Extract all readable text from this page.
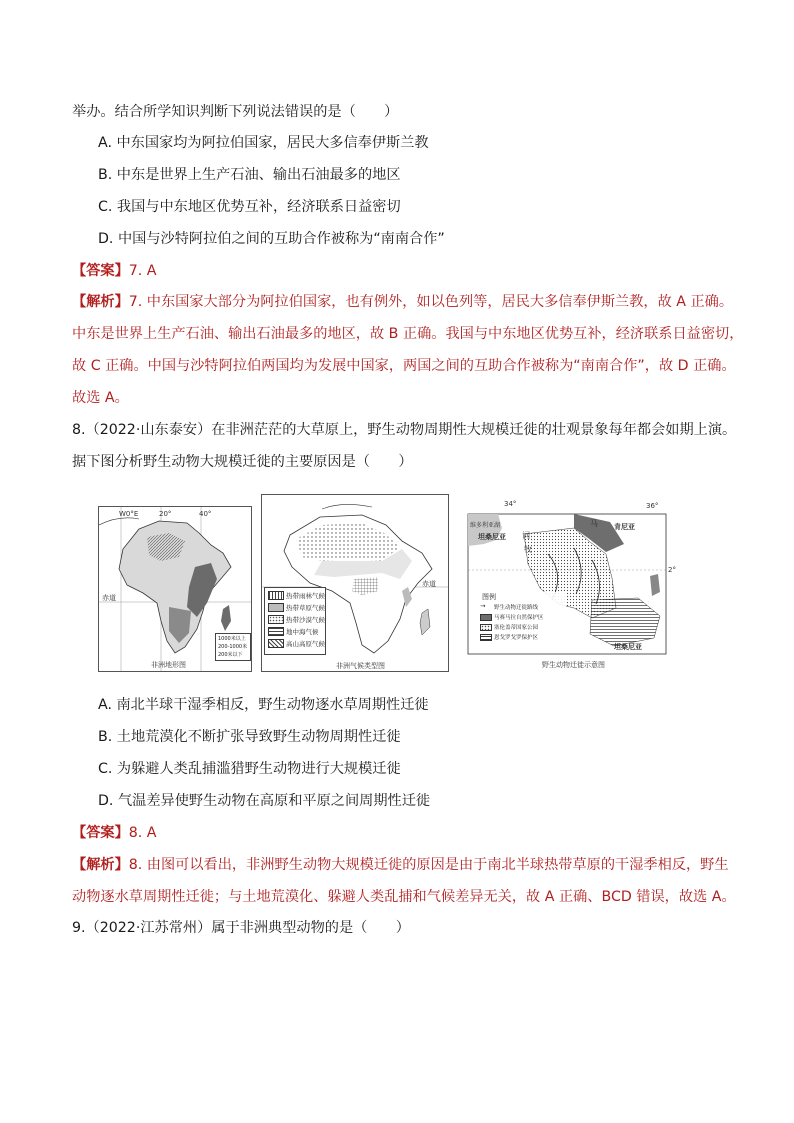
举办。结合所学知识判断下列说法错误的是（　　）
A. 中东国家均为阿拉伯国家，居民大多信奉伊斯兰教
B. 中东是世界上生产石油、输出石油最多的地区
C. 我国与中东地区优势互补，经济联系日益密切
D. 中国与沙特阿拉伯之间的互助合作被称为“南南合作”
【答案】7. A
【解析】7. 中东国家大部分为阿拉伯国家，也有例外，如以色列等，居民大多信奉伊斯兰教，故 A 正确。
中东是世界上生产石油、输出石油最多的地区，故 B 正确。我国与中东地区优势互补，经济联系日益密切，
故 C 正确。中国与沙特阿拉伯两国均为发展中国家，两国之间的互助合作被称为“南南合作”，故 D 正确。
故选 A。
8.（2022·山东泰安）在非洲茫茫的大草原上，野生动物周期性大规模迁徙的壮观景象每年都会如期上演。
据下图分析野生动物大规模迁徙的主要原因是（　　）
W0°E	20°	40°
赤道
1000米以上
200-1000米
200米以下
非洲地形图
赤道
热带雨林气候
热带草原气候
热带沙漠气候
地中海气候
高山高原气候
非洲气候类型图
34°	36°
2°
维多利亚湖	肯尼亚
坦桑尼亚
坦桑尼亚
马
词
牧
图例
→ 野生动物迁徙路线
马赛马拉自然保护区
塞伦盖蒂国家公园
恩戈罗戈罗保护区
野生动物迁徙示意图
A. 南北半球干湿季相反，野生动物逐水草周期性迁徙
B. 土地荒漠化不断扩张导致野生动物周期性迁徙
C. 为躲避人类乱捕滥猎野生动物进行大规模迁徙
D. 气温差异使野生动物在高原和平原之间周期性迁徙
【答案】8. A
【解析】8. 由图可以看出，非洲野生动物大规模迁徙的原因是由于南北半球热带草原的干湿季相反，野生
动物逐水草周期性迁徙；与土地荒漠化、躲避人类乱捕和气候差异无关，故 A 正确、BCD 错误，故选 A。
9.（2022·江苏常州）属于非洲典型动物的是（　　）
